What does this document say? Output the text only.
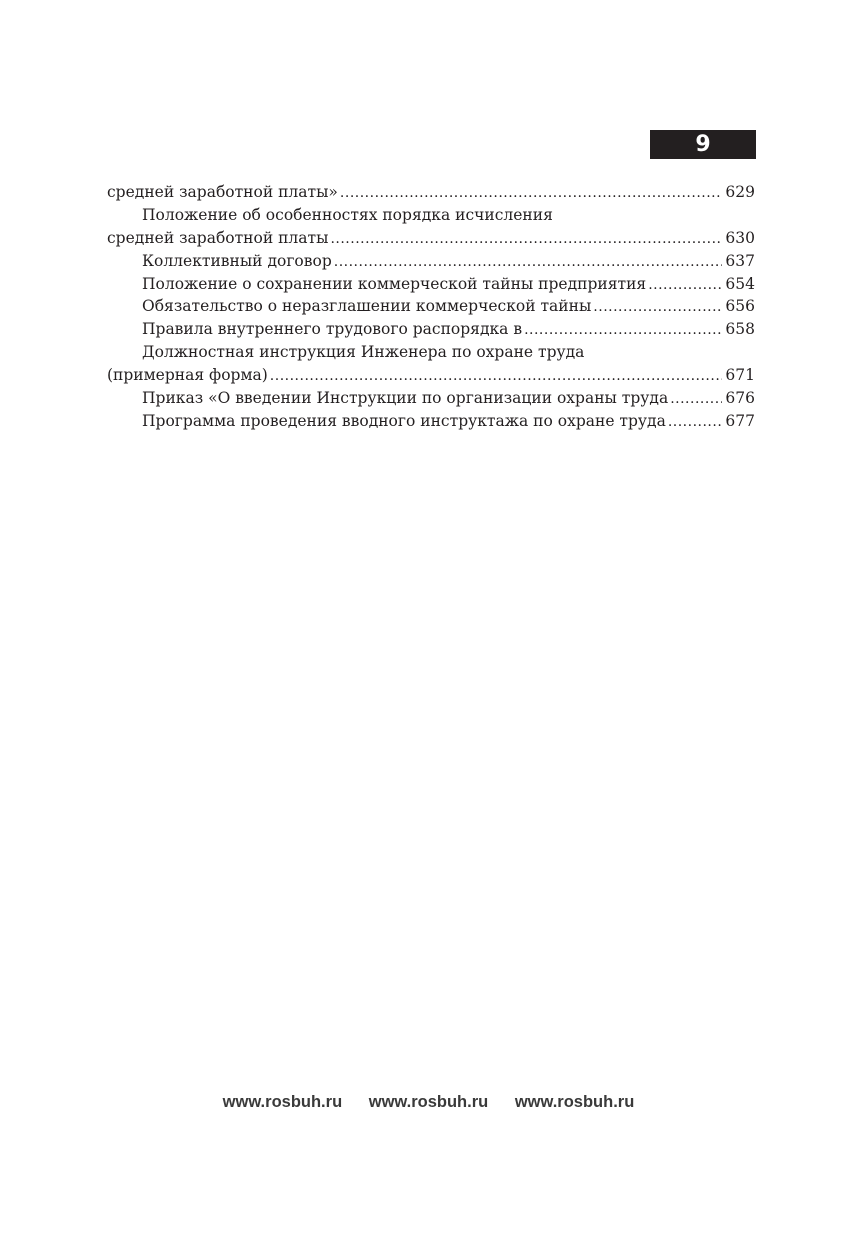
9
средней заработной платы» .....	629
Положение об особенностях порядка исчисления
средней заработной платы .....	630
Коллективный договор .....	637
Положение о сохранении коммерческой тайны предприятия .....	654
Обязательство о неразглашении коммерческой тайны .....	656
Правила внутреннего трудового распорядка в .....	658
Должностная инструкция Инженера по охране труда
(примерная форма) .....	671
Приказ «О введении Инструкции по организации охраны труда .....	676
Программа проведения вводного инструктажа по охране труда .....	677
www.rosbuh.ru www.rosbuh.ru www.rosbuh.ru
